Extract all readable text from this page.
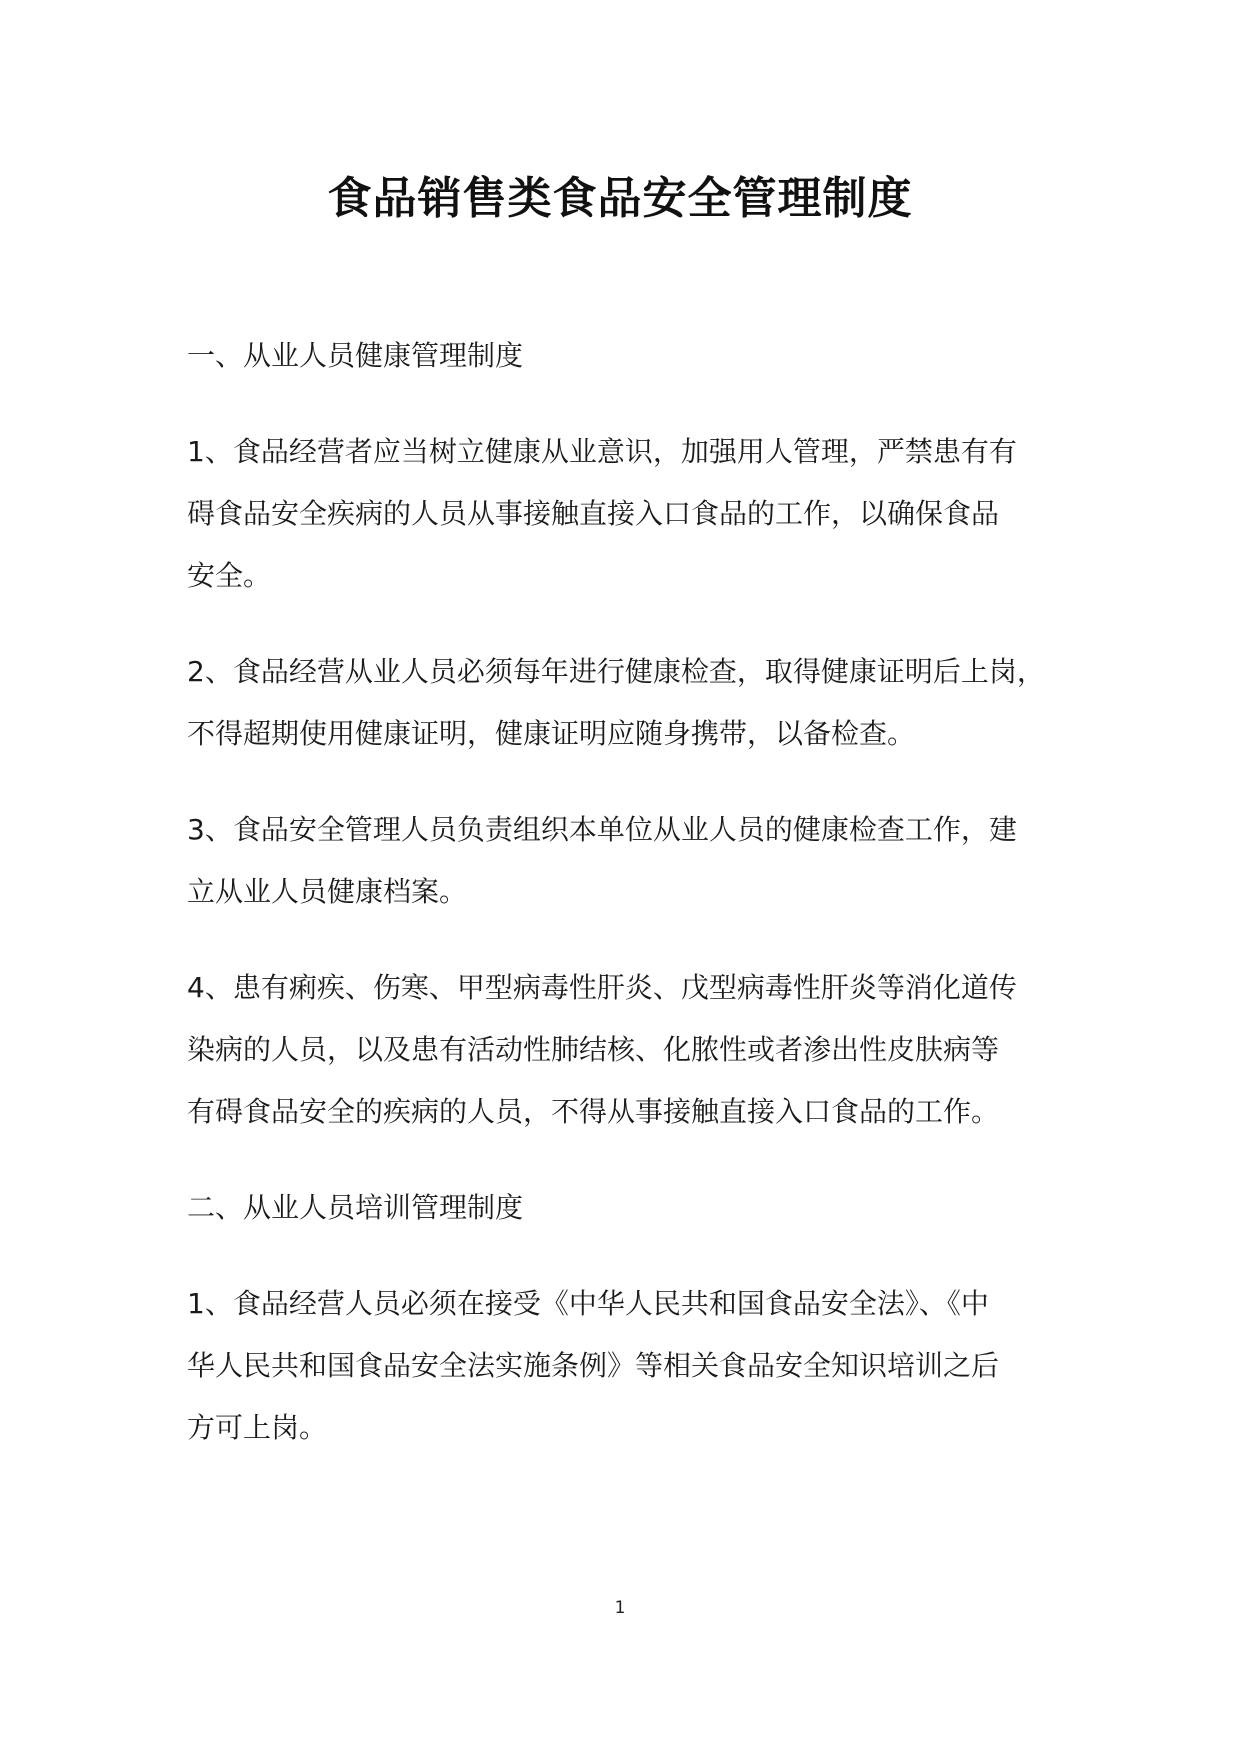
食品销售类食品安全管理制度
一、从业人员健康管理制度
1、食品经营者应当树立健康从业意识，加强用人管理，严禁患有有
碍食品安全疾病的人员从事接触直接入口食品的工作，以确保食品
安全。
2、食品经营从业人员必须每年进行健康检查，取得健康证明后上岗，
不得超期使用健康证明，健康证明应随身携带，以备检查。
3、食品安全管理人员负责组织本单位从业人员的健康检查工作，建
立从业人员健康档案。
4、患有痢疾、伤寒、甲型病毒性肝炎、戊型病毒性肝炎等消化道传
染病的人员，以及患有活动性肺结核、化脓性或者渗出性皮肤病等
有碍食品安全的疾病的人员，不得从事接触直接入口食品的工作。
二、从业人员培训管理制度
1、食品经营人员必须在接受《中华人民共和国食品安全法》、《中
华人民共和国食品安全法实施条例》等相关食品安全知识培训之后
方可上岗。
1
